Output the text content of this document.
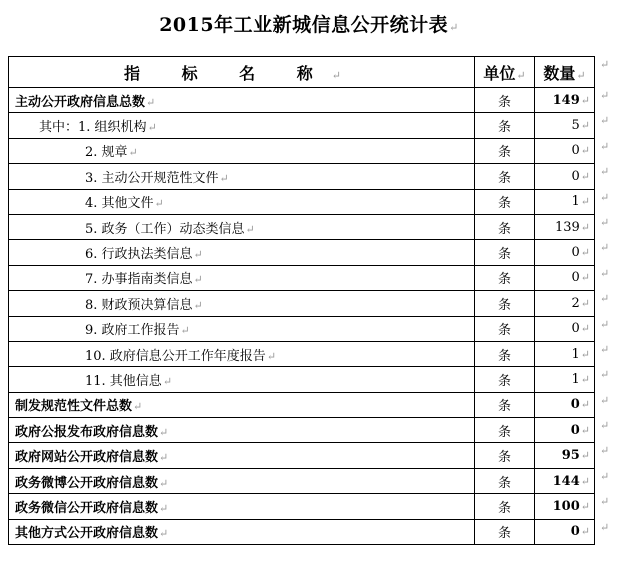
2015年工业新城信息公开统计表↵
指 标 名 称↵	单位↵	数量↵
主动公开政府信息总数↵	条	149↵
其中：1. 组织机构↵	条	5↵
2. 规章↵	条	0↵
3. 主动公开规范性文件↵	条	0↵
4. 其他文件↵	条	1↵
5. 政务（工作）动态类信息↵	条	139↵
6. 行政执法类信息↵	条	0↵
7. 办事指南类信息↵	条	0↵
8. 财政预决算信息↵	条	2↵
9. 政府工作报告↵	条	0↵
10. 政府信息公开工作年度报告↵	条	1↵
11. 其他信息↵	条	1↵
制发规范性文件总数↵	条	0↵
政府公报发布政府信息数↵	条	0↵
政府网站公开政府信息数↵	条	95↵
政务微博公开政府信息数↵	条	144↵
政务微信公开政府信息数↵	条	100↵
其他方式公开政府信息数↵	条	0↵
↵
↵
↵
↵
↵
↵
↵
↵
↵
↵
↵
↵
↵
↵
↵
↵
↵
↵
↵
